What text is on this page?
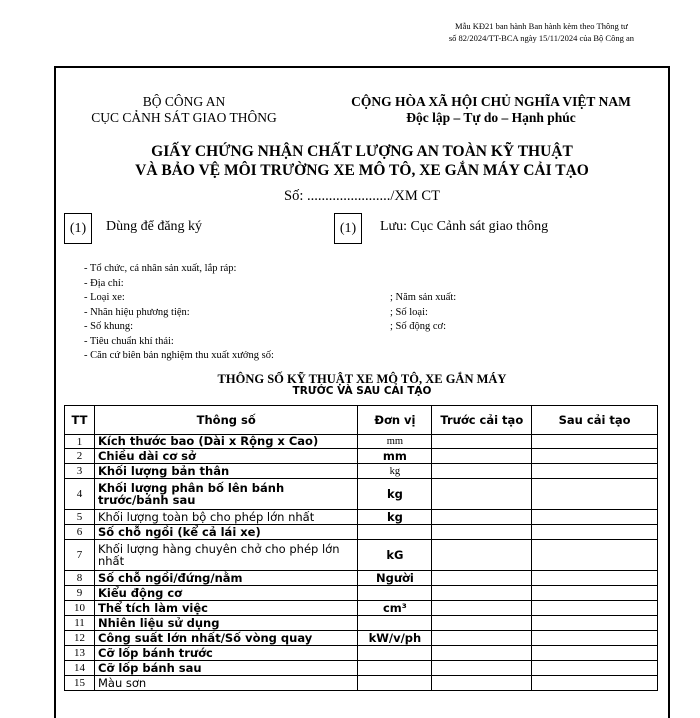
Mẫu KĐ21 ban hành Ban hành kèm theo Thông tư
số 82/2024/TT-BCA ngày 15/11/2024 của Bộ Công an
BỘ CÔNG AN
CỤC CẢNH SÁT GIAO THÔNG
CỘNG HÒA XÃ HỘI CHỦ NGHĨA VIỆT NAM
Độc lập – Tự do – Hạnh phúc
GIẤY CHỨNG NHẬN CHẤT LƯỢNG AN TOÀN KỸ THUẬT
VÀ BẢO VỆ MÔI TRƯỜNG XE MÔ TÔ, XE GẮN MÁY CẢI TẠO
Số: ......................./XM CT
(1)	Dùng để đăng ký	(1)	Lưu: Cục Cảnh sát giao thông
- Tổ chức, cá nhân sản xuất, lắp ráp:
- Địa chỉ:
- Loại xe:	; Năm sản xuất:
- Nhãn hiệu phương tiện:	; Số loại:
- Số khung:	; Số động cơ:
- Tiêu chuẩn khí thải:
- Căn cứ biên bản nghiệm thu xuất xưởng số:
THÔNG SỐ KỸ THUẬT XE MÔ TÔ, XE GẮN MÁY
TRƯỚC VÀ SAU CẢI TẠO
TT	Thông số	Đơn vị	Trước cải tạo	Sau cải tạo
1	Kích thước bao (Dài x Rộng x Cao)	mm		
2	Chiều dài cơ sở	mm		
3	Khối lượng bản thân	kg		
4	Khối lượng phân bố lên bánh trước/bánh sau	kg		
5	Khối lượng toàn bộ cho phép lớn nhất	kg		
6	Số chỗ ngồi (kể cả lái xe)			
7	Khối lượng hàng chuyên chở cho phép lớn nhất	kG		
8	Số chỗ ngồi/đứng/nằm	Người		
9	Kiểu động cơ			
10	Thể tích làm việc	cm³		
11	Nhiên liệu sử dụng			
12	Công suất lớn nhất/Số vòng quay	kW/v/ph		
13	Cỡ lốp bánh trước			
14	Cỡ lốp bánh sau			
15	Màu sơn			
